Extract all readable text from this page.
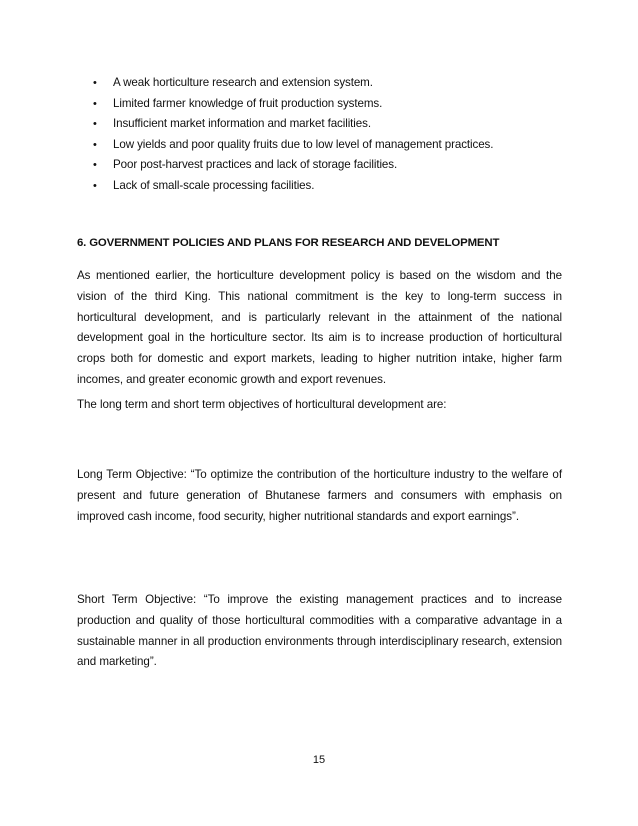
• A weak horticulture research and extension system.
• Limited farmer knowledge of fruit production systems.
• Insufficient market information and market facilities.
• Low yields and poor quality fruits due to low level of management practices.
• Poor post-harvest practices and lack of storage facilities.
• Lack of small-scale processing facilities.
6. GOVERNMENT POLICIES AND PLANS FOR RESEARCH AND DEVELOPMENT

As mentioned earlier, the horticulture development policy is based on the wisdom and the vision of the third King. This national commitment is the key to long-term success in horticultural development, and is particularly relevant in the attainment of the national development goal in the horticulture sector. Its aim is to increase production of horticultural crops both for domestic and export markets, leading to higher nutrition intake, higher farm incomes, and greater economic growth and export revenues.

The long term and short term objectives of horticultural development are:

Long Term Objective: “To optimize the contribution of the horticulture industry to the welfare of present and future generation of Bhutanese farmers and consumers with emphasis on improved cash income, food security, higher nutritional standards and export earnings”.

Short Term Objective: “To improve the existing management practices and to increase production and quality of those horticultural commodities with a comparative advantage in a sustainable manner in all production environments through interdisciplinary research, extension and marketing”.

15
